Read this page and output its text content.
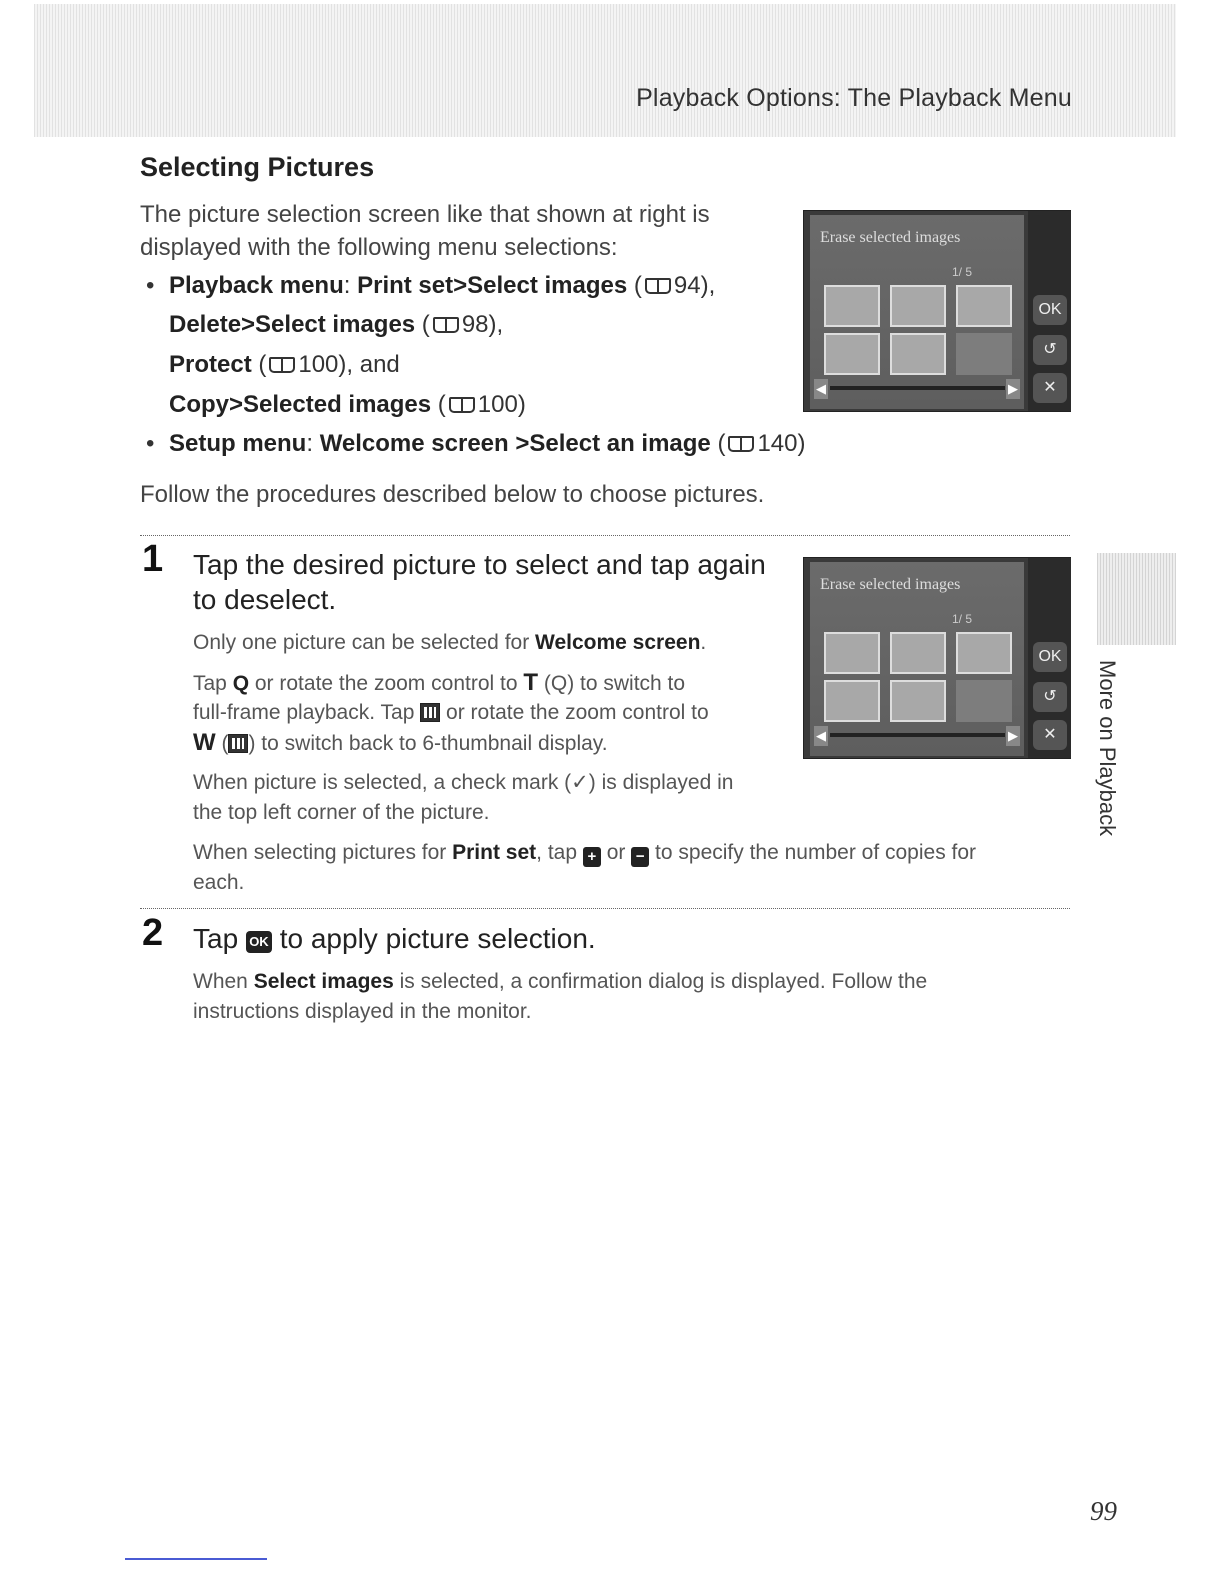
Playback Options: The Playback Menu
More on Playback
Selecting Pictures
The picture selection screen like that shown at right is
displayed with the following menu selections:
• Playback menu: Print set>Select images ( 94),
Delete>Select images ( 98),
Protect ( 100), and
Copy>Selected images ( 100)
• Setup menu: Welcome screen >Select an image ( 140)
Follow the procedures described below to choose pictures.
Erase selected images
1/ 5
◀	▶
OK
↺
✕
1 Tap the desired picture to select and tap again
to deselect.
Only one picture can be selected for Welcome screen.
Tap Q or rotate the zoom control to T (Q) to switch to
full-frame playback. Tap  or rotate the zoom control to
W ( ) to switch back to 6-thumbnail display.
When picture is selected, a check mark (✓) is displayed in
the top left corner of the picture.
When selecting pictures for Print set, tap + or − to specify the number of copies for
each.
Erase selected images
1/ 5
◀	▶
OK
↺
✕
2 Tap OK to apply picture selection.
When Select images is selected, a confirmation dialog is displayed. Follow the
instructions displayed in the monitor.
99
